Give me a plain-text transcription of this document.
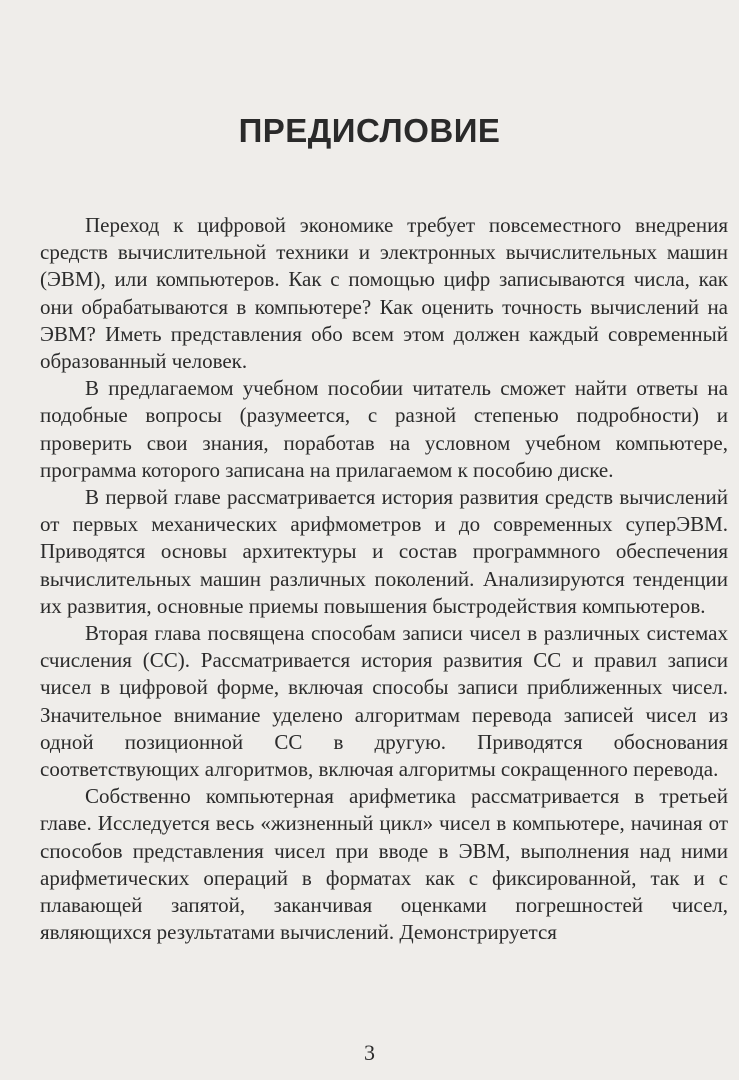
ПРЕДИСЛОВИЕ

Переход к цифровой экономике требует повсеместного внедрения средств вычислительной техники и электронных вычислительных машин (ЭВМ), или компьютеров. Как с помощью цифр записываются числа, как они обрабатываются в компьютере? Как оценить точность вычислений на ЭВМ? Иметь представления обо всем этом должен каждый современный образованный человек.

В предлагаемом учебном пособии читатель сможет найти ответы на подобные вопросы (разумеется, с разной степенью подробности) и проверить свои знания, поработав на условном учебном компьютере, программа которого записана на прилагаемом к пособию диске.

В первой главе рассматривается история развития средств вычислений от первых механических арифмометров и до современных суперЭВМ. Приводятся основы архитектуры и состав программного обеспечения вычислительных машин различных поколений. Анализируются тенденции их развития, основные приемы повышения быстродействия компьютеров.

Вторая глава посвящена способам записи чисел в различных системах счисления (СС). Рассматривается история развития СС и правил записи чисел в цифровой форме, включая способы записи приближенных чисел. Значительное внимание уделено алгоритмам перевода записей чисел из одной позиционной СС в другую. Приводятся обоснования соответствующих алгоритмов, включая алгоритмы сокращенного перевода.

Собственно компьютерная арифметика рассматривается в третьей главе. Исследуется весь «жизненный цикл» чисел в компьютере, начиная от способов представления чисел при вводе в ЭВМ, выполнения над ними арифметических операций в форматах как с фиксированной, так и с плавающей запятой, заканчивая оценками погрешностей чисел, являющихся результатами вычислений. Демонстрируется

3
